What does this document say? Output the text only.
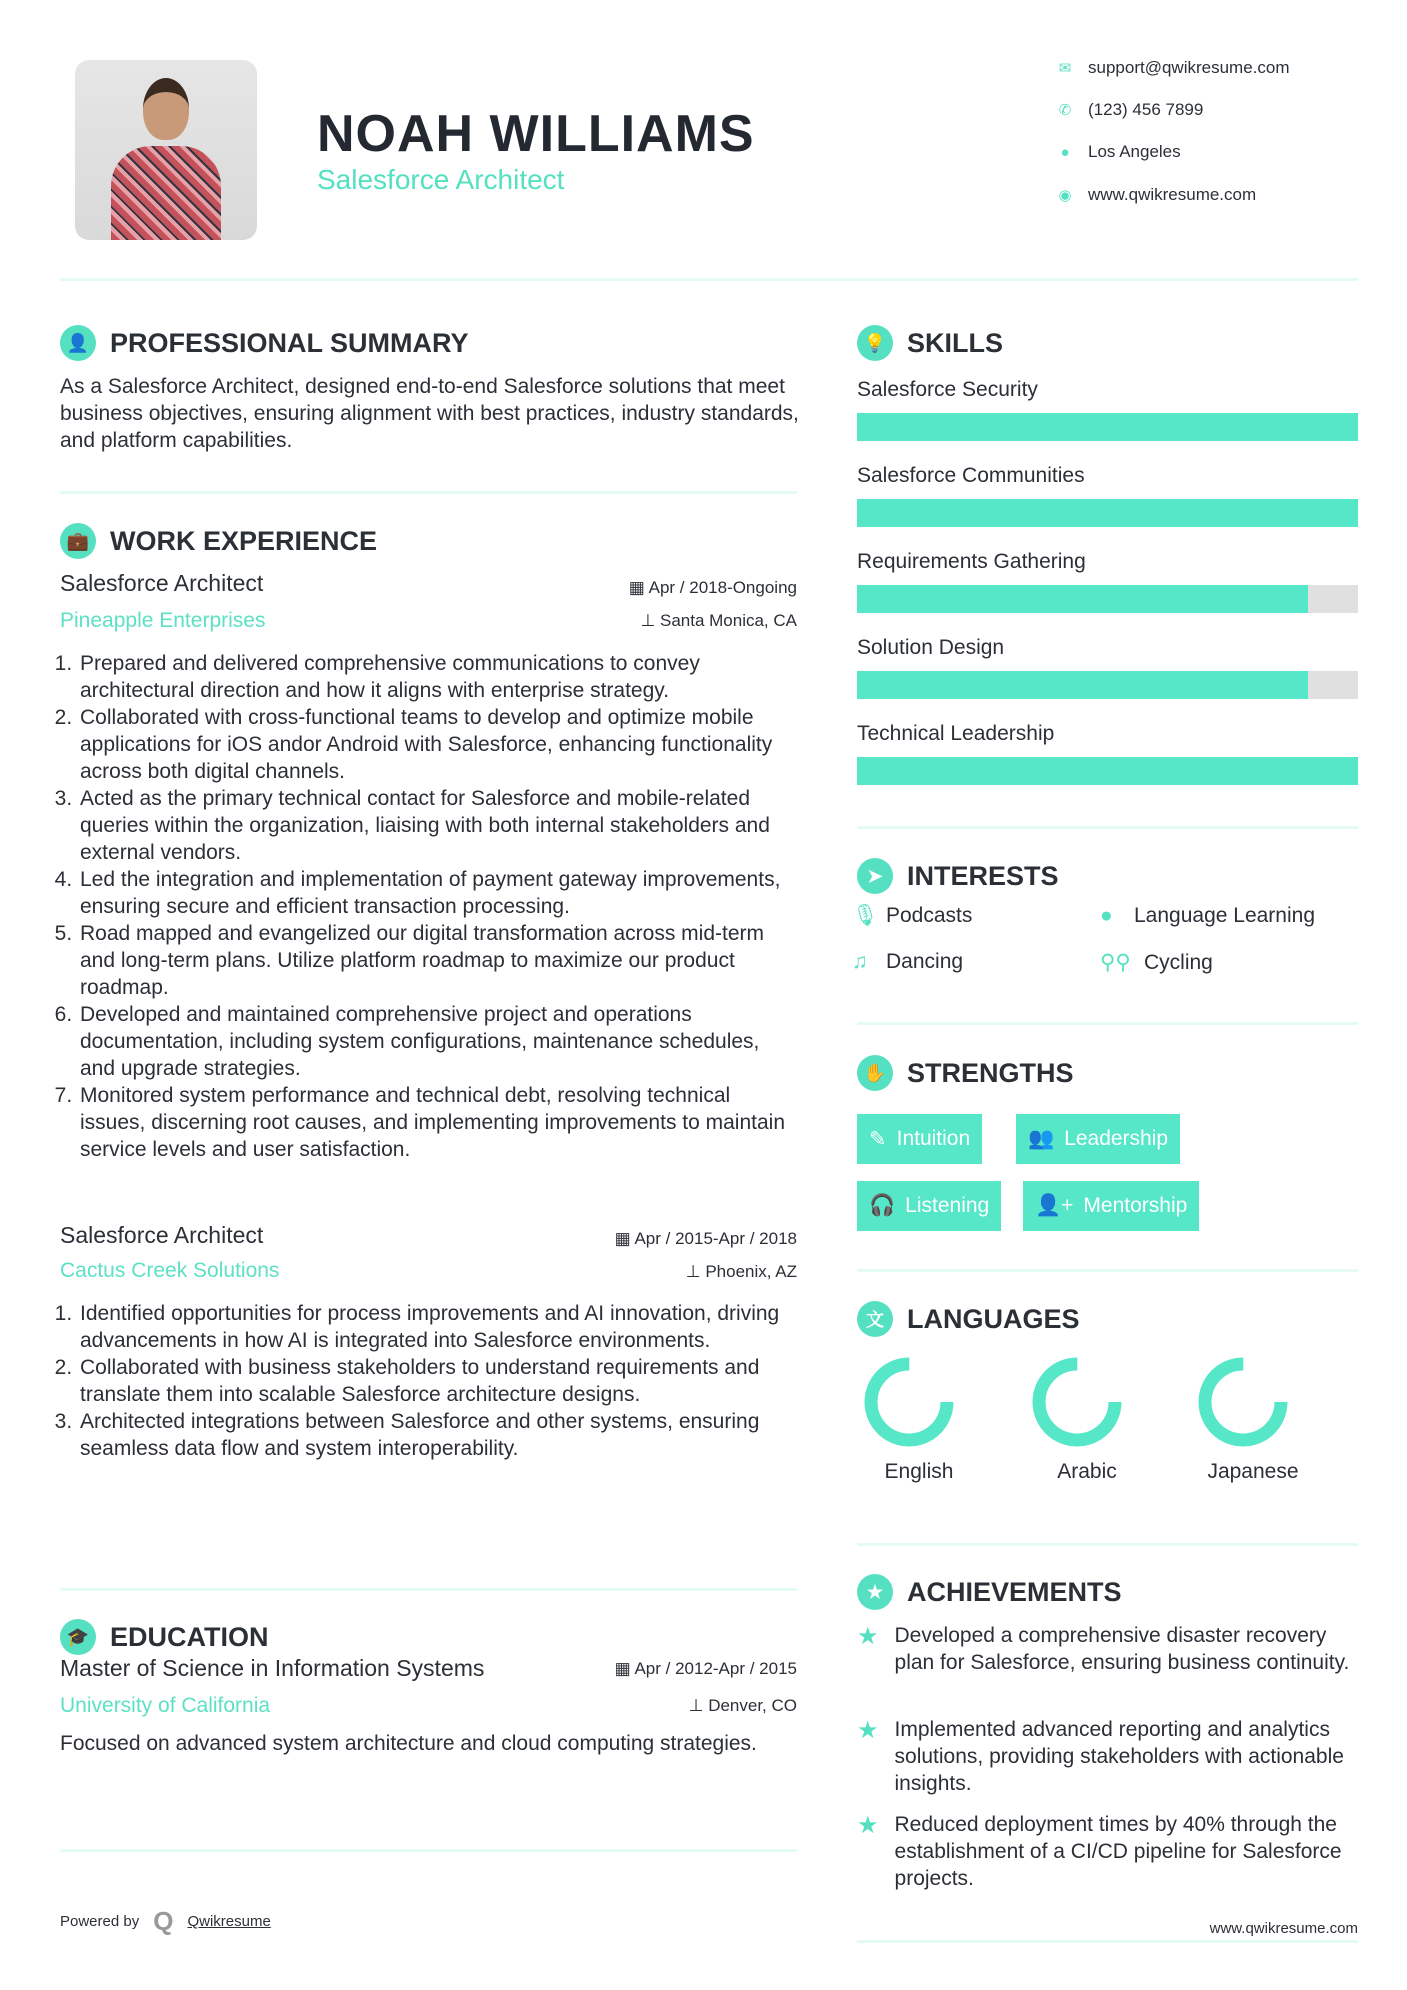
NOAH WILLIAMS
Salesforce Architect
✉ support@qwikresume.com
✆ (123) 456 7899
● Los Angeles
◉ www.qwikresume.com
👤 PROFESSIONAL SUMMARY
As a Salesforce Architect, designed end-to-end Salesforce solutions that meet business objectives, ensuring alignment with best practices, industry standards, and platform capabilities.
💼 WORK EXPERIENCE
Salesforce Architect	▦ Apr / 2018-Ongoing
Pineapple Enterprises	⊥ Santa Monica, CA
1. Prepared and delivered comprehensive communications to convey architectural direction and how it aligns with enterprise strategy.
2. Collaborated with cross-functional teams to develop and optimize mobile applications for iOS andor Android with Salesforce, enhancing functionality across both digital channels.
3. Acted as the primary technical contact for Salesforce and mobile-related queries within the organization, liaising with both internal stakeholders and external vendors.
4. Led the integration and implementation of payment gateway improvements, ensuring secure and efficient transaction processing.
5. Road mapped and evangelized our digital transformation across mid-term and long-term plans. Utilize platform roadmap to maximize our product roadmap.
6. Developed and maintained comprehensive project and operations documentation, including system configurations, maintenance schedules, and upgrade strategies.
7. Monitored system performance and technical debt, resolving technical issues, discerning root causes, and implementing improvements to maintain service levels and user satisfaction.
Salesforce Architect	▦ Apr / 2015-Apr / 2018
Cactus Creek Solutions	⊥ Phoenix, AZ
1. Identified opportunities for process improvements and AI innovation, driving advancements in how AI is integrated into Salesforce environments.
2. Collaborated with business stakeholders to understand requirements and translate them into scalable Salesforce architecture designs.
3. Architected integrations between Salesforce and other systems, ensuring seamless data flow and system interoperability.
🎓 EDUCATION
Master of Science in Information Systems	▦ Apr / 2012-Apr / 2015
University of California	⊥ Denver, CO
Focused on advanced system architecture and cloud computing strategies.
Powered by Q Qwikresume
💡 SKILLS
Salesforce Security
Salesforce Communities
Requirements Gathering
Solution Design
Technical Leadership
➤ INTERESTS
🎙 Podcasts	●	Language Learning
♫ Dancing	⚲⚲ Cycling
✋ STRENGTHS
✎ Intuition	👥 Leadership
🎧 Listening 👤+ Mentorship
文 LANGUAGES
English	Arabic	Japanese
★ ACHIEVEMENTS
★ Developed a comprehensive disaster recovery plan for Salesforce, ensuring business continuity.
★ Implemented advanced reporting and analytics solutions, providing stakeholders with actionable insights.
★ Reduced deployment times by 40% through the establishment of a CI/CD pipeline for Salesforce projects.
www.qwikresume.com
